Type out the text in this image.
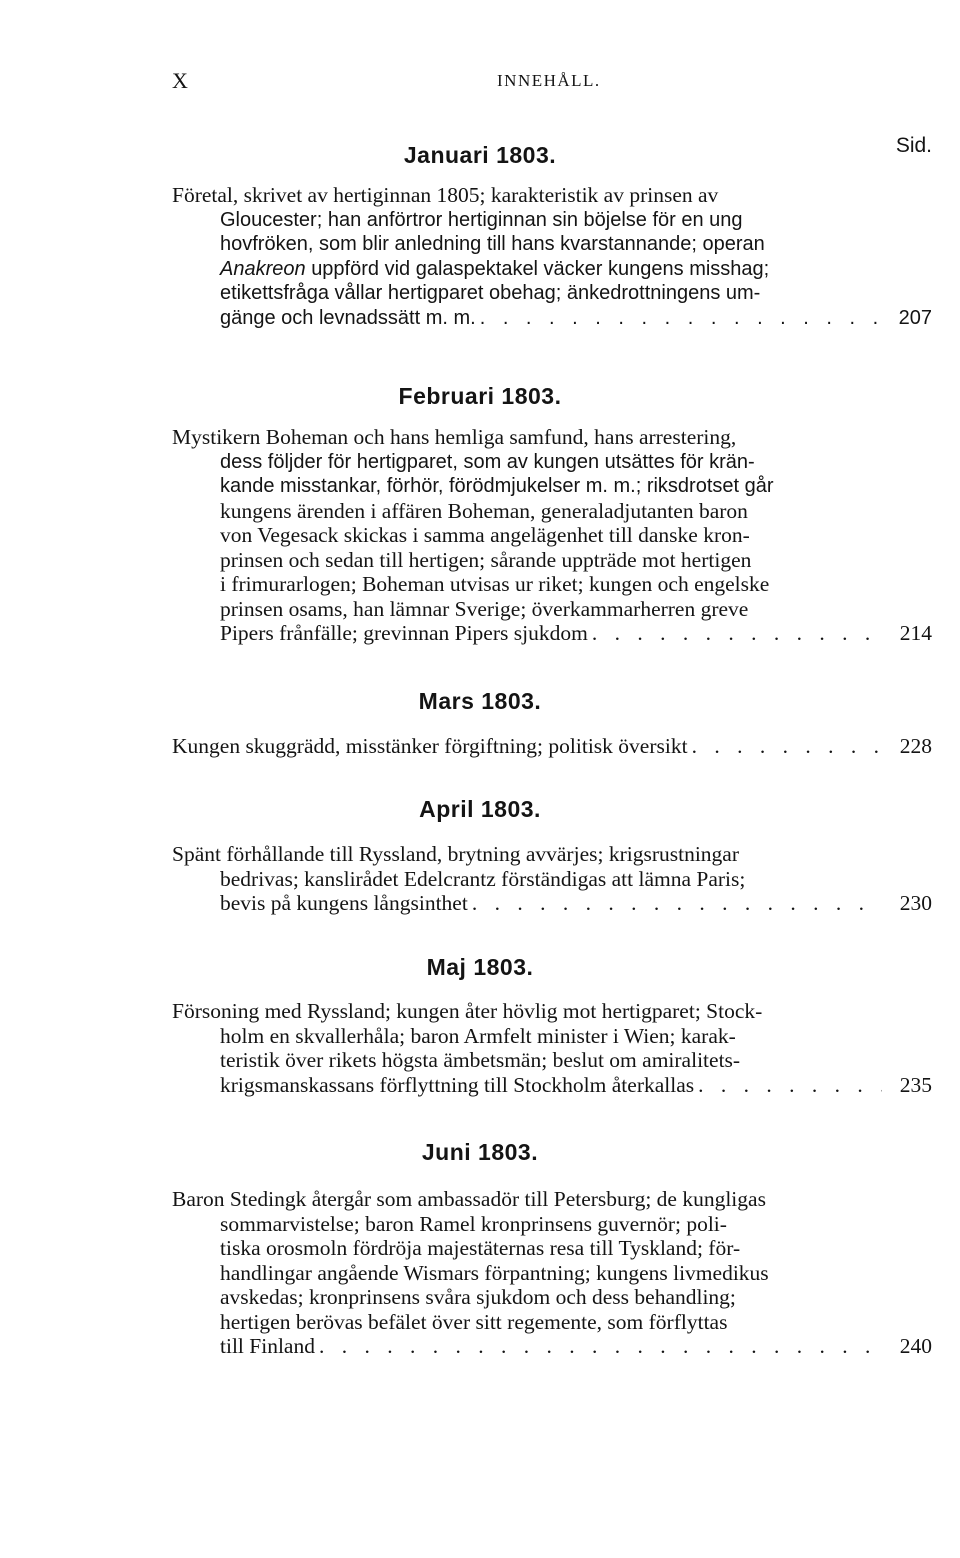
X	INNEHÅLL.
Sid.
Januari 1803.
Företal, skrivet av hertiginnan 1805; karakteristik av prinsen av
Gloucester; han anförtror hertiginnan sin böjelse för en ung
hovfröken, som blir anledning till hans kvarstannande; operan
Anakreon uppförd vid galaspektakel väcker kungens misshag;
etikettsfråga vållar hertigparet obehag; änkedrottningens um-
gänge och levnadssätt m. m. . . .	207
Februari 1803.
Mystikern Boheman och hans hemliga samfund, hans arrestering,
dess följder för hertigparet, som av kungen utsättes för krän-
kande misstankar, förhör, förödmjukelser m. m.; riksdrotset går
kungens ärenden i affären Boheman, generaladjutanten baron
von Vegesack skickas i samma angelägenhet till danske kron-
prinsen och sedan till hertigen; sårande uppträde mot hertigen
i frimurarlogen; Boheman utvisas ur riket; kungen och engelske
prinsen osams, han lämnar Sverige; överkammarherren greve
Pipers frånfälle; grevinnan Pipers sjukdom . . .	214
Mars 1803.
Kungen skuggrädd, misstänker förgiftning; politisk översikt . . .	228
April 1803.
Spänt förhållande till Ryssland, brytning avvärjes; krigsrustningar
bedrivas; kanslirådet Edelcrantz förständigas att lämna Paris;
bevis på kungens långsinthet . . .	230
Maj 1803.
Försoning med Ryssland; kungen åter hövlig mot hertigparet; Stock-
holm en skvallerhåla; baron Armfelt minister i Wien; karak-
teristik över rikets högsta ämbetsmän; beslut om amiralitets-
krigsmanskassans förflyttning till Stockholm återkallas . . .	235
Juni 1803.
Baron Stedingk återgår som ambassadör till Petersburg; de kungligas
sommarvistelse; baron Ramel kronprinsens guvernör; poli-
tiska orosmoln fördröja majestäternas resa till Tyskland; för-
handlingar angående Wismars förpantning; kungens livmedikus
avskedas; kronprinsens svåra sjukdom och dess behandling;
hertigen berövas befälet över sitt regemente, som förflyttas
till Finland . . .	240
